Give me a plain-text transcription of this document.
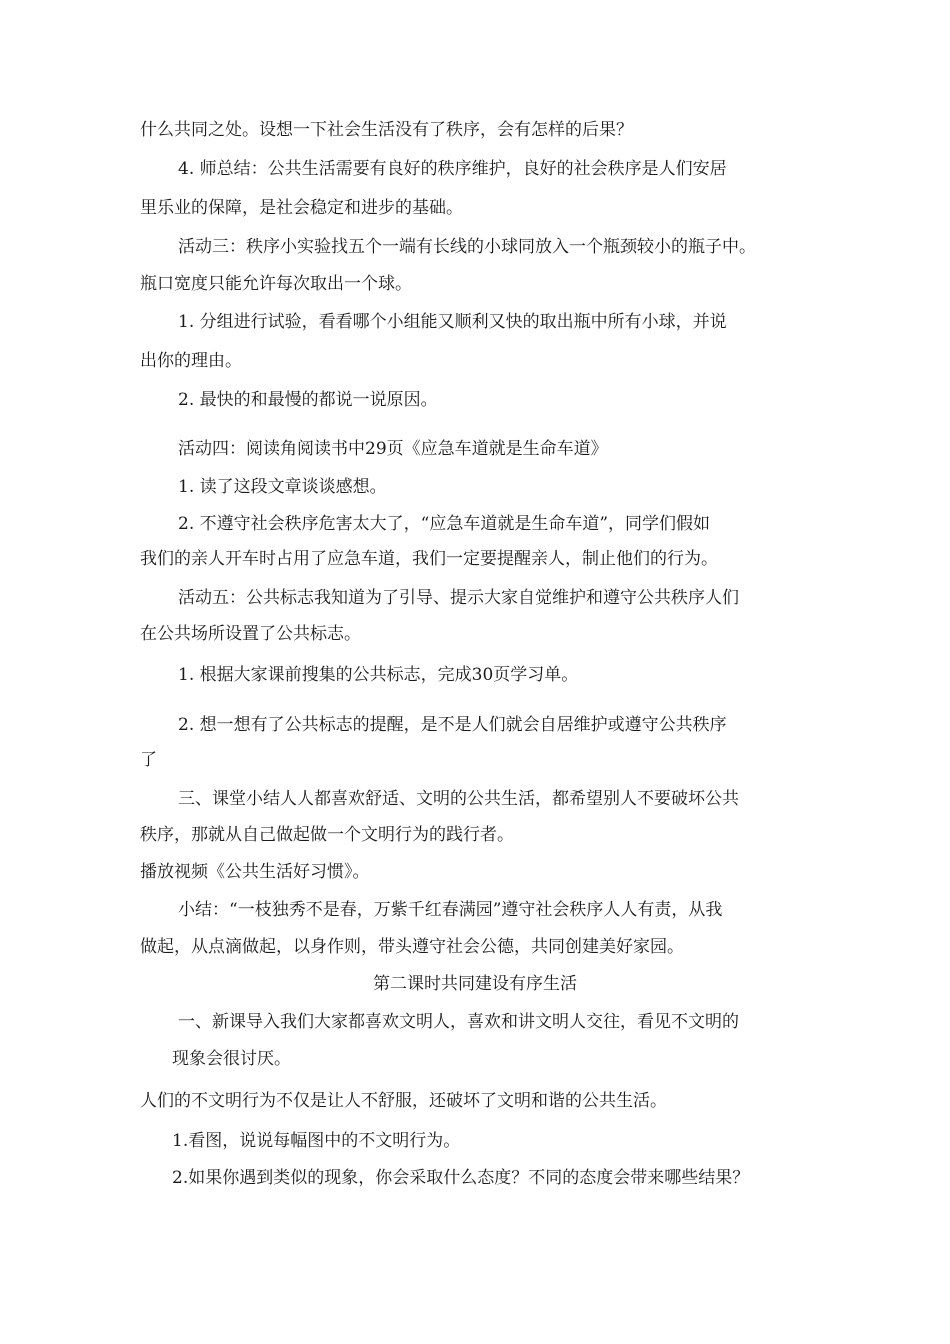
什么共同之处。设想一下社会生活没有了秩序，会有怎样的后果？
4. 师总结：公共生活需要有良好的秩序维护，良好的社会秩序是人们安居
里乐业的保障，是社会稳定和进步的基础。
活动三：秩序小实验找五个一端有长线的小球同放入一个瓶颈较小的瓶子中。
瓶口宽度只能允许每次取出一个球。
1. 分组进行试验，看看哪个小组能又顺利又快的取出瓶中所有小球，并说
出你的理由。
2. 最快的和最慢的都说一说原因。
活动四：阅读角阅读书中29页《应急车道就是生命车道》
1. 读了这段文章谈谈感想。
2. 不遵守社会秩序危害太大了，“应急车道就是生命车道”，同学们假如
我们的亲人开车时占用了应急车道，我们一定要提醒亲人，制止他们的行为。
活动五：公共标志我知道为了引导、提示大家自觉维护和遵守公共秩序人们
在公共场所设置了公共标志。
1. 根据大家课前搜集的公共标志，完成30页学习单。
2. 想一想有了公共标志的提醒，是不是人们就会自居维护或遵守公共秩序
了
三、课堂小结人人都喜欢舒适、文明的公共生活，都希望别人不要破坏公共
秩序，那就从自己做起做一个文明行为的践行者。
播放视频《公共生活好习惯》。
小结：“一枝独秀不是春，万紫千红春满园”遵守社会秩序人人有责，从我
做起，从点滴做起，以身作则，带头遵守社会公德，共同创建美好家园。
第二课时共同建设有序生活
一、新课导入我们大家都喜欢文明人，喜欢和讲文明人交往，看见不文明的
现象会很讨厌。
人们的不文明行为不仅是让人不舒服，还破坏了文明和谐的公共生活。
1.看图，说说每幅图中的不文明行为。
2.如果你遇到类似的现象，你会采取什么态度？不同的态度会带来哪些结果？
